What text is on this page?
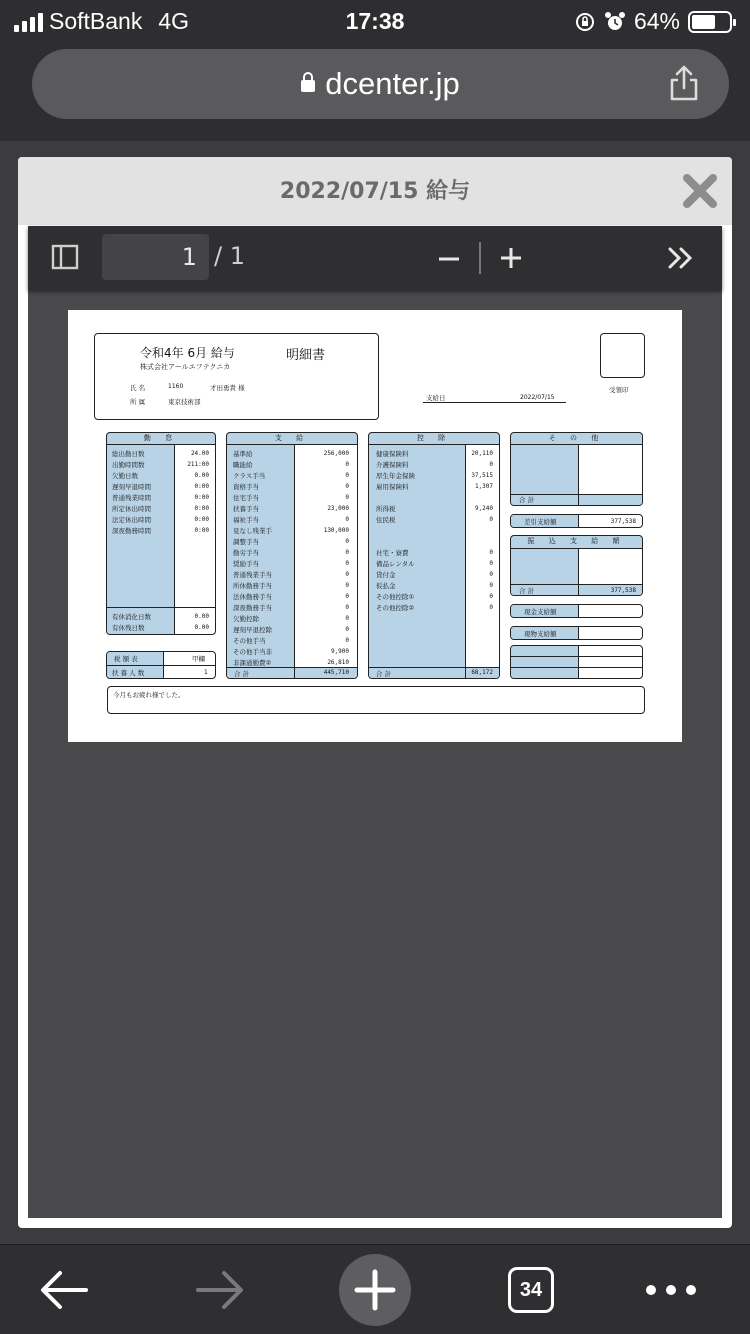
SoftBank 4G	17:38	64%
dcenter.jp
2022/07/15 給与
1 / 1
令和4年 6月 給与	明細書
株式会社アールエフテクニカ
氏 名	1160	才田勇貴 様
所 属	東京技術部	支給日	2022/07/15
受領印
勤 怠
総出勤日数	24.00
出勤時間数	211:00
欠勤日数	0.00
遅刻早退時間	0:00
普通残業時間	0:00
所定休出時間	0:00
法定休出時間	0:00
深夜勤務時間	0:00
有休消化日数	0.00
有休残日数	0.00
税 額 表	甲欄
扶 養 人 数	1
支 給
基準給	256,000
職能給	0
クラス手当	0
資格手当	0
住宅手当	0
扶養手当	23,000
福祉手当	0
見なし残業手	130,000
調整手当	0
勤労手当	0
奨励手当	0
普通残業手当	0
所休勤務手当	0
法休勤務手当	0
深夜勤務手当	0
欠勤控除	0
遅刻早退控除	0
その他手当	0
その他手当非	9,900
非課通勤費②	26,810
合 計	445,710
控 除
健康保険料	20,110
介護保険料	0
厚生年金保険	37,515
雇用保険料	1,307
所得税	9,240
住民税	0
社宅・寮費	0
備品レンタル	0
貸付金	0
仮払金	0
その他控除①	0
その他控除②	0
合 計	68,172
そ の 他
合 計
差引支給額	377,538
振 込 支 給 額
合 計	377,538
現金支給額
現物支給額
今月もお疲れ様でした。
34
